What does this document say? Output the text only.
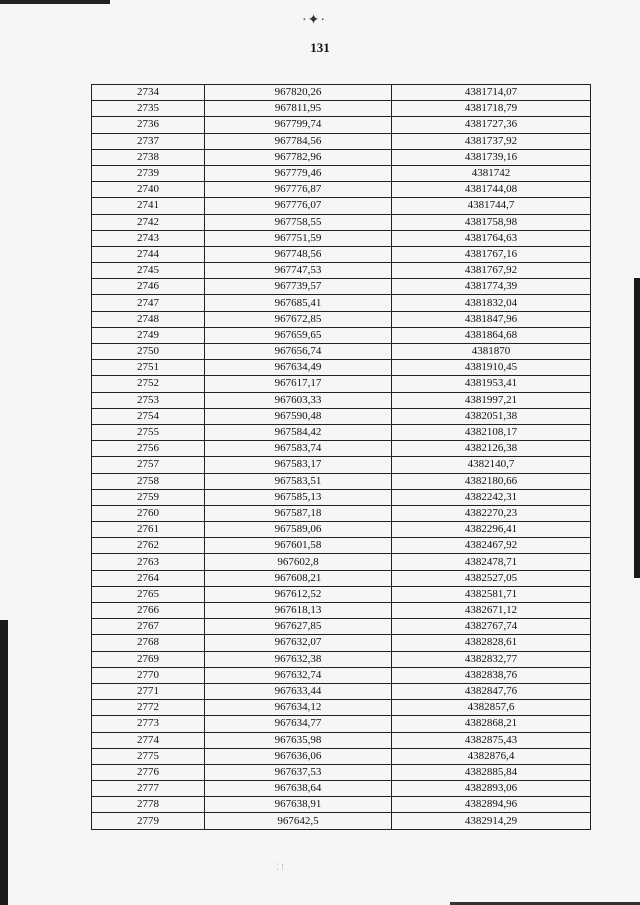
·✦·
⁚ ⁝
131
2734	967820,26	4381714,07
2735	967811,95	4381718,79
2736	967799,74	4381727,36
2737	967784,56	4381737,92
2738	967782,96	4381739,16
2739	967779,46	4381742
2740	967776,87	4381744,08
2741	967776,07	4381744,7
2742	967758,55	4381758,98
2743	967751,59	4381764,63
2744	967748,56	4381767,16
2745	967747,53	4381767,92
2746	967739,57	4381774,39
2747	967685,41	4381832,04
2748	967672,85	4381847,96
2749	967659,65	4381864,68
2750	967656,74	4381870
2751	967634,49	4381910,45
2752	967617,17	4381953,41
2753	967603,33	4381997,21
2754	967590,48	4382051,38
2755	967584,42	4382108,17
2756	967583,74	4382126,38
2757	967583,17	4382140,7
2758	967583,51	4382180,66
2759	967585,13	4382242,31
2760	967587,18	4382270,23
2761	967589,06	4382296,41
2762	967601,58	4382467,92
2763	967602,8	4382478,71
2764	967608,21	4382527,05
2765	967612,52	4382581,71
2766	967618,13	4382671,12
2767	967627,85	4382767,74
2768	967632,07	4382828,61
2769	967632,38	4382832,77
2770	967632,74	4382838,76
2771	967633,44	4382847,76
2772	967634,12	4382857,6
2773	967634,77	4382868,21
2774	967635,98	4382875,43
2775	967636,06	4382876,4
2776	967637,53	4382885,84
2777	967638,64	4382893,06
2778	967638,91	4382894,96
2779	967642,5	4382914,29
